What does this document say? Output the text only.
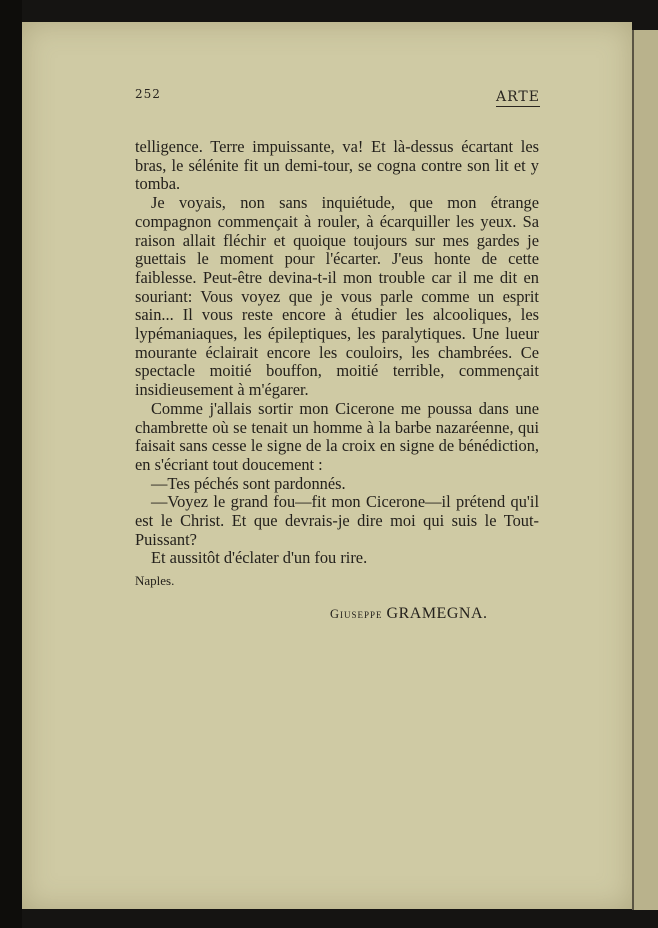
252	ARTE

telligence. Terre impuissante, va! Et là-dessus écartant les bras, le sélénite fit un demi-tour, se cogna contre son lit et y tomba.

Je voyais, non sans inquiétude, que mon étrange compagnon commençait à rouler, à écarquiller les yeux. Sa raison allait fléchir et quoique toujours sur mes gardes je guettais le moment pour l'écarter. J'eus honte de cette faiblesse. Peut-être devina-t-il mon trouble car il me dit en souriant: Vous voyez que je vous parle comme un esprit sain... Il vous reste encore à étudier les alcooliques, les lypémaniaques, les épileptiques, les paralytiques. Une lueur mourante éclairait encore les couloirs, les chambrées. Ce spectacle moitié bouffon, moitié terrible, commençait insidieusement à m'égarer.

Comme j'allais sortir mon Cicerone me poussa dans une chambrette où se tenait un homme à la barbe nazaréenne, qui faisait sans cesse le signe de la croix en signe de bénédiction, en s'écriant tout doucement :

—Tes péchés sont pardonnés.

—Voyez le grand fou—fit mon Cicerone—il prétend qu'il est le Christ. Et que devrais-je dire moi qui suis le Tout-Puissant?

Et aussitôt d'éclater d'un fou rire.

Naples.
Giuseppe GRAMEGNA.
